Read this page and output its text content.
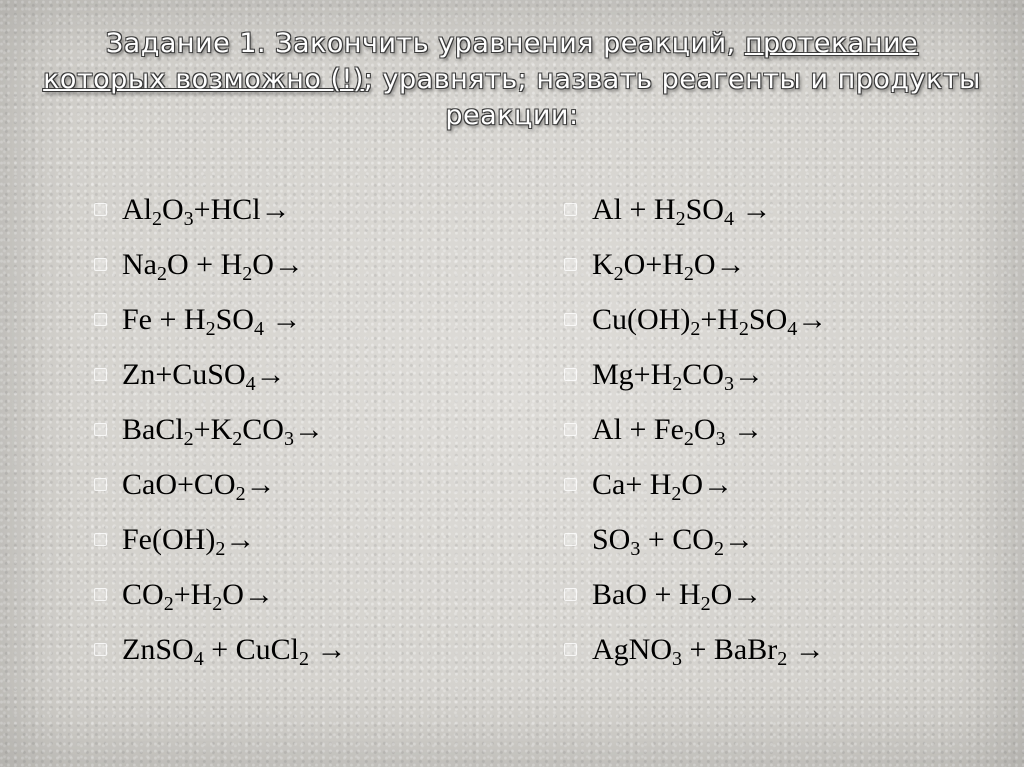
Задание 1. Закончить уравнения реакций, протекание которых возможно (!); уравнять; назвать реагенты и продукты реакции:
$Al_2O_3+HCl\to$
$Na_2O + H_2O\to$
$Fe + H_2SO_4$ →
Zn+CuSO$_4$→
$BaCl_2+K_2CO_3\to$
$CaO+CO_2\to$
$Fe(OH)_2\to$
$CO_2+H_2O\to$
ZnSO$_4$ + CuCl$_2$ →
$Al + H_2SO_4$ →
$K_2O+H_2O\to$
$Cu(OH)_2+H_2SO_4\to$
$Mg+H_2CO_3\to$
$Al + Fe_2O_3$ →
$Ca+ H_2O\to$
$SO_3 + CO_2\to$
BaO + $H_2O\to$
AgNO$_3$ + BaBr$_2$ →
